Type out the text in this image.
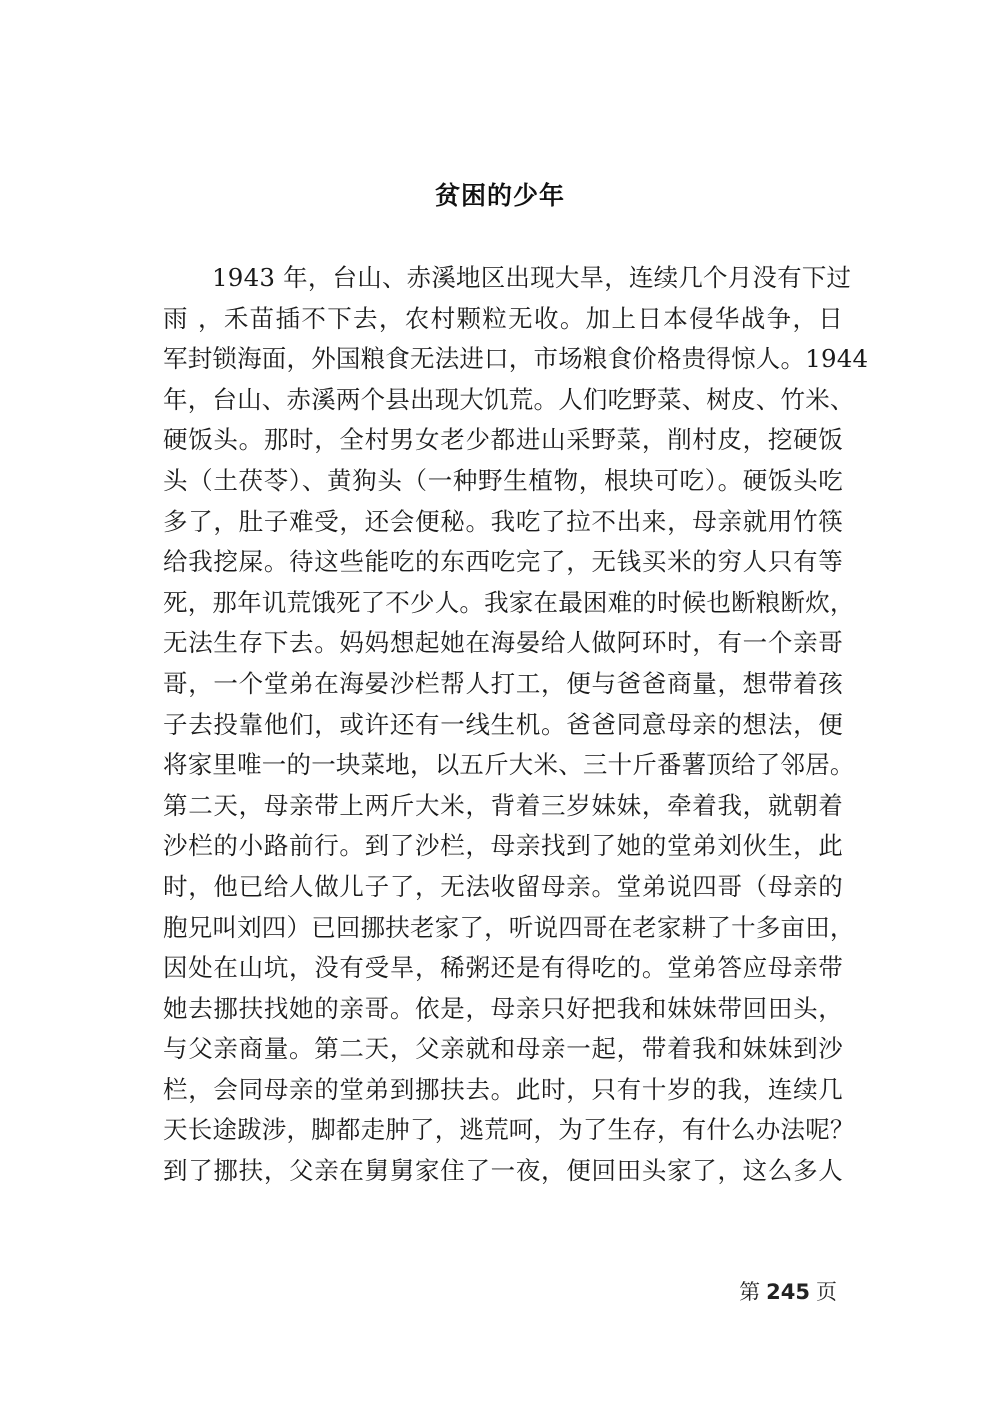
贫困的少年
1943 年，台山、赤溪地区出现大旱，连续几个月没有下过
雨 ，禾苗插不下去，农村颗粒无收。加上日本侵华战争，日
军封锁海面，外国粮食无法进口，市场粮食价格贵得惊人。1944
年，台山、赤溪两个县出现大饥荒。人们吃野菜、树皮、竹米、
硬饭头。那时，全村男女老少都进山采野菜，削村皮，挖硬饭
头（土茯苓）、黄狗头（一种野生植物，根块可吃）。硬饭头吃
多了，肚子难受，还会便秘。我吃了拉不出来，母亲就用竹筷
给我挖屎。待这些能吃的东西吃完了，无钱买米的穷人只有等
死，那年讥荒饿死了不少人。我家在最困难的时候也断粮断炊，
无法生存下去。妈妈想起她在海晏给人做阿环时，有一个亲哥
哥，一个堂弟在海晏沙栏帮人打工，便与爸爸商量，想带着孩
子去投靠他们，或许还有一线生机。爸爸同意母亲的想法，便
将家里唯一的一块菜地，以五斤大米、三十斤番薯顶给了邻居。
第二天，母亲带上两斤大米，背着三岁妹妹，牵着我，就朝着
沙栏的小路前行。到了沙栏，母亲找到了她的堂弟刘伙生，此
时，他已给人做儿子了，无法收留母亲。堂弟说四哥（母亲的
胞兄叫刘四）已回挪扶老家了，听说四哥在老家耕了十多亩田，
因处在山坑，没有受旱，稀粥还是有得吃的。堂弟答应母亲带
她去挪扶找她的亲哥。依是，母亲只好把我和妹妹带回田头，
与父亲商量。第二天，父亲就和母亲一起，带着我和妹妹到沙
栏，会同母亲的堂弟到挪扶去。此时，只有十岁的我，连续几
天长途跋涉，脚都走肿了，逃荒呵，为了生存，有什么办法呢？
到了挪扶，父亲在舅舅家住了一夜，便回田头家了，这么多人
第 245 页
